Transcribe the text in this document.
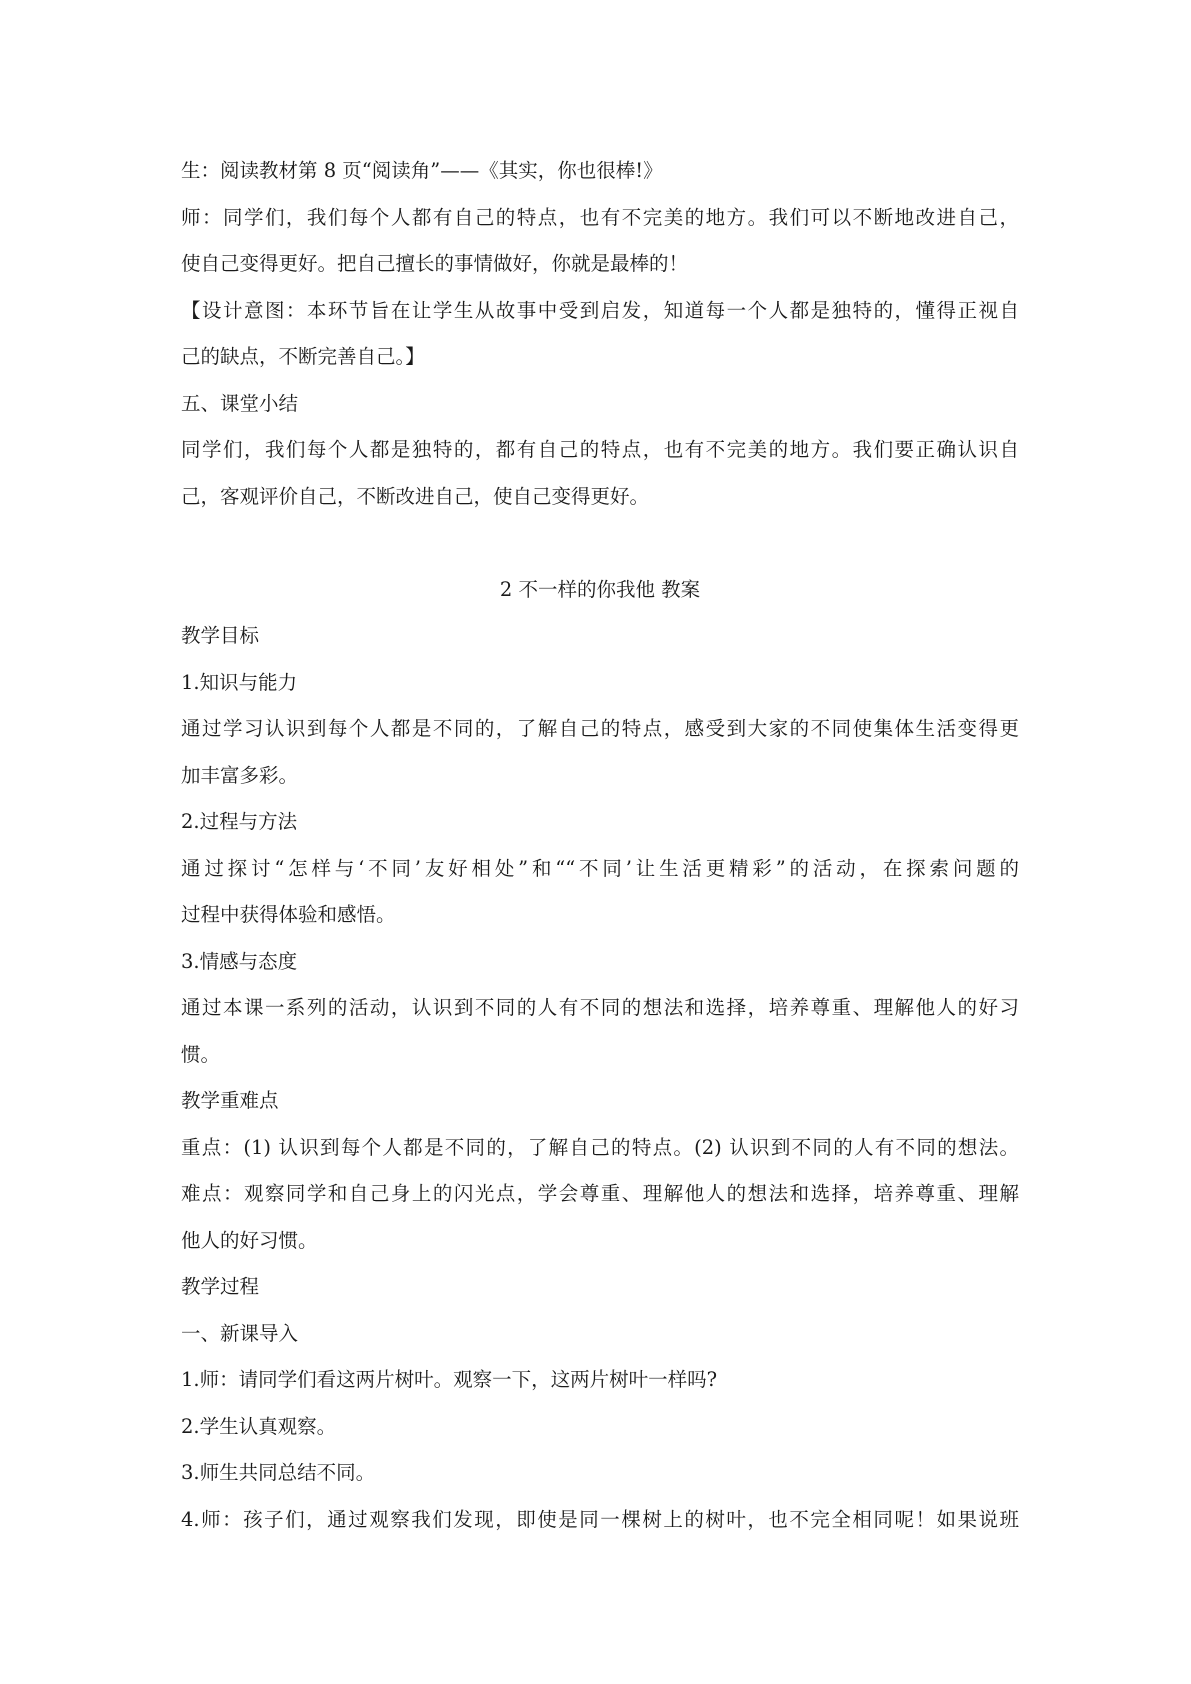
生：阅读教材第 8 页“阅读角”——《其实，你也很棒!》

师：同学们，我们每个人都有自己的特点，也有不完美的地方。我们可以不断地改进自己，

使自己变得更好。把自己擅长的事情做好，你就是最棒的！

【设计意图：本环节旨在让学生从故事中受到启发，知道每一个人都是独特的，懂得正视自

己的缺点，不断完善自己。】

五、课堂小结

同学们，我们每个人都是独特的，都有自己的特点，也有不完美的地方。我们要正确认识自

己，客观评价自己，不断改进自己，使自己变得更好。

2 不一样的你我他 教案

教学目标

1.知识与能力

通过学习认识到每个人都是不同的，了解自己的特点，感受到大家的不同使集体生活变得更

加丰富多彩。

2.过程与方法

通过探讨“怎样与‘不同’友好相处”和““不同’让生活更精彩”的活动，在探索问题的

过程中获得体验和感悟。

3.情感与态度

通过本课一系列的活动，认识到不同的人有不同的想法和选择，培养尊重、理解他人的好习

惯。

教学重难点

重点：(1) 认识到每个人都是不同的，了解自己的特点。(2) 认识到不同的人有不同的想法。

难点：观察同学和自己身上的闪光点，学会尊重、理解他人的想法和选择，培养尊重、理解

他人的好习惯。

教学过程

一、新课导入

1.师：请同学们看这两片树叶。观察一下，这两片树叶一样吗?

2.学生认真观察。

3.师生共同总结不同。

4.师：孩子们，通过观察我们发现，即使是同一棵树上的树叶，也不完全相同呢！如果说班
